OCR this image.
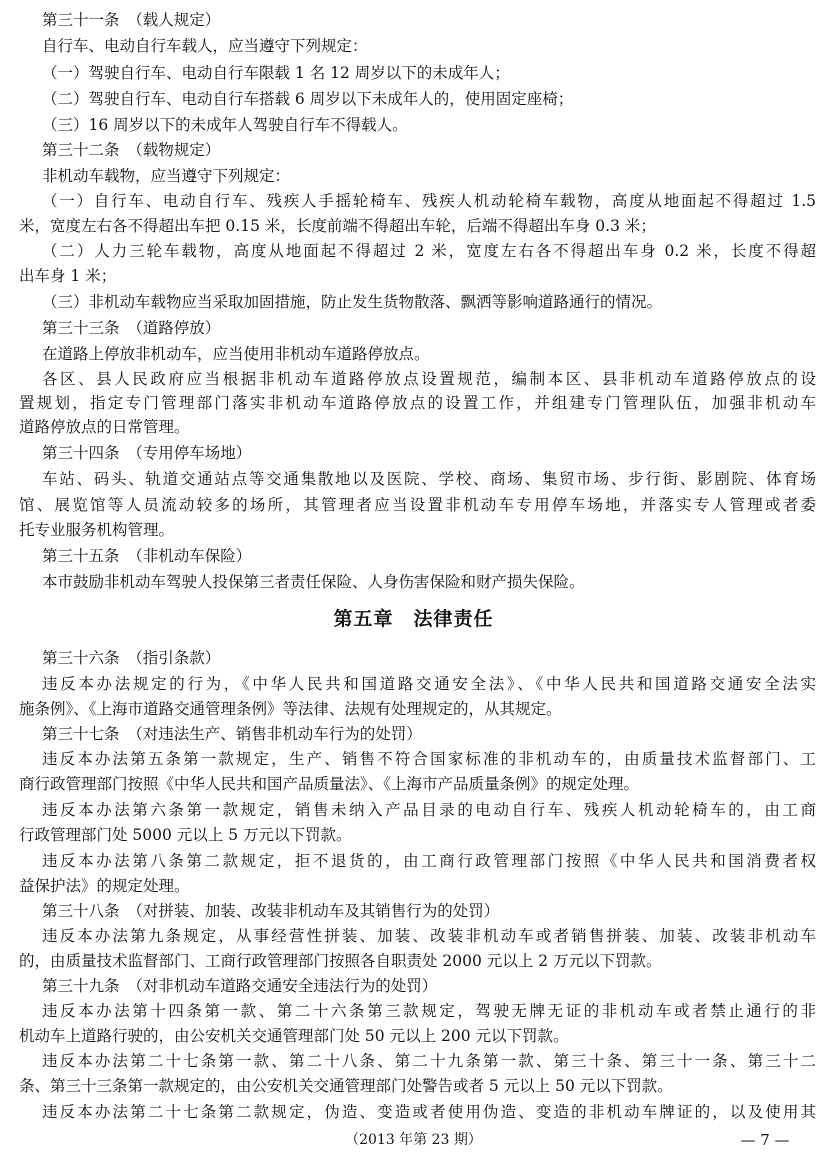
第三十一条　（载人规定）
自行车、电动自行车载人，应当遵守下列规定：
（一）驾驶自行车、电动自行车限载 1 名 12 周岁以下的未成年人；
（二）驾驶自行车、电动自行车搭载 6 周岁以下未成年人的，使用固定座椅；
（三）16 周岁以下的未成年人驾驶自行车不得载人。
第三十二条　（载物规定）
非机动车载物，应当遵守下列规定：
（一）自行车、电动自行车、残疾人手摇轮椅车、残疾人机动轮椅车载物，高度从地面起不得超过 1.5
米，宽度左右各不得超出车把 0.15 米，长度前端不得超出车轮，后端不得超出车身 0.3 米；
（二）人力三轮车载物，高度从地面起不得超过 2 米，宽度左右各不得超出车身 0.2 米，长度不得超
出车身 1 米；
（三）非机动车载物应当采取加固措施，防止发生货物散落、飘洒等影响道路通行的情况。
第三十三条　（道路停放）
在道路上停放非机动车，应当使用非机动车道路停放点。
各区、县人民政府应当根据非机动车道路停放点设置规范，编制本区、县非机动车道路停放点的设
置规划，指定专门管理部门落实非机动车道路停放点的设置工作，并组建专门管理队伍，加强非机动车
道路停放点的日常管理。
第三十四条　（专用停车场地）
车站、码头、轨道交通站点等交通集散地以及医院、学校、商场、集贸市场、步行街、影剧院、体育场
馆、展览馆等人员流动较多的场所，其管理者应当设置非机动车专用停车场地，并落实专人管理或者委
托专业服务机构管理。
第三十五条　（非机动车保险）
本市鼓励非机动车驾驶人投保第三者责任保险、人身伤害保险和财产损失保险。
第五章　法律责任
第三十六条　（指引条款）
违反本办法规定的行为，《中华人民共和国道路交通安全法》、《中华人民共和国道路交通安全法实
施条例》、《上海市道路交通管理条例》等法律、法规有处理规定的，从其规定。
第三十七条　（对违法生产、销售非机动车行为的处罚）
违反本办法第五条第一款规定，生产、销售不符合国家标准的非机动车的，由质量技术监督部门、工
商行政管理部门按照《中华人民共和国产品质量法》、《上海市产品质量条例》的规定处理。
违反本办法第六条第一款规定，销售未纳入产品目录的电动自行车、残疾人机动轮椅车的，由工商
行政管理部门处 5000 元以上 5 万元以下罚款。
违反本办法第八条第二款规定，拒不退货的，由工商行政管理部门按照《中华人民共和国消费者权
益保护法》的规定处理。
第三十八条　（对拼装、加装、改装非机动车及其销售行为的处罚）
违反本办法第九条规定，从事经营性拼装、加装、改装非机动车或者销售拼装、加装、改装非机动车
的，由质量技术监督部门、工商行政管理部门按照各自职责处 2000 元以上 2 万元以下罚款。
第三十九条　（对非机动车道路交通安全违法行为的处罚）
违反本办法第十四条第一款、第二十六条第三款规定，驾驶无牌无证的非机动车或者禁止通行的非
机动车上道路行驶的，由公安机关交通管理部门处 50 元以上 200 元以下罚款。
违反本办法第二十七条第一款、第二十八条、第二十九条第一款、第三十条、第三十一条、第三十二
条、第三十三条第一款规定的，由公安机关交通管理部门处警告或者 5 元以上 50 元以下罚款。
违反本办法第二十七条第二款规定，伪造、变造或者使用伪造、变造的非机动车牌证的，以及使用其
（2013 年第 23 期）	— 7 —
